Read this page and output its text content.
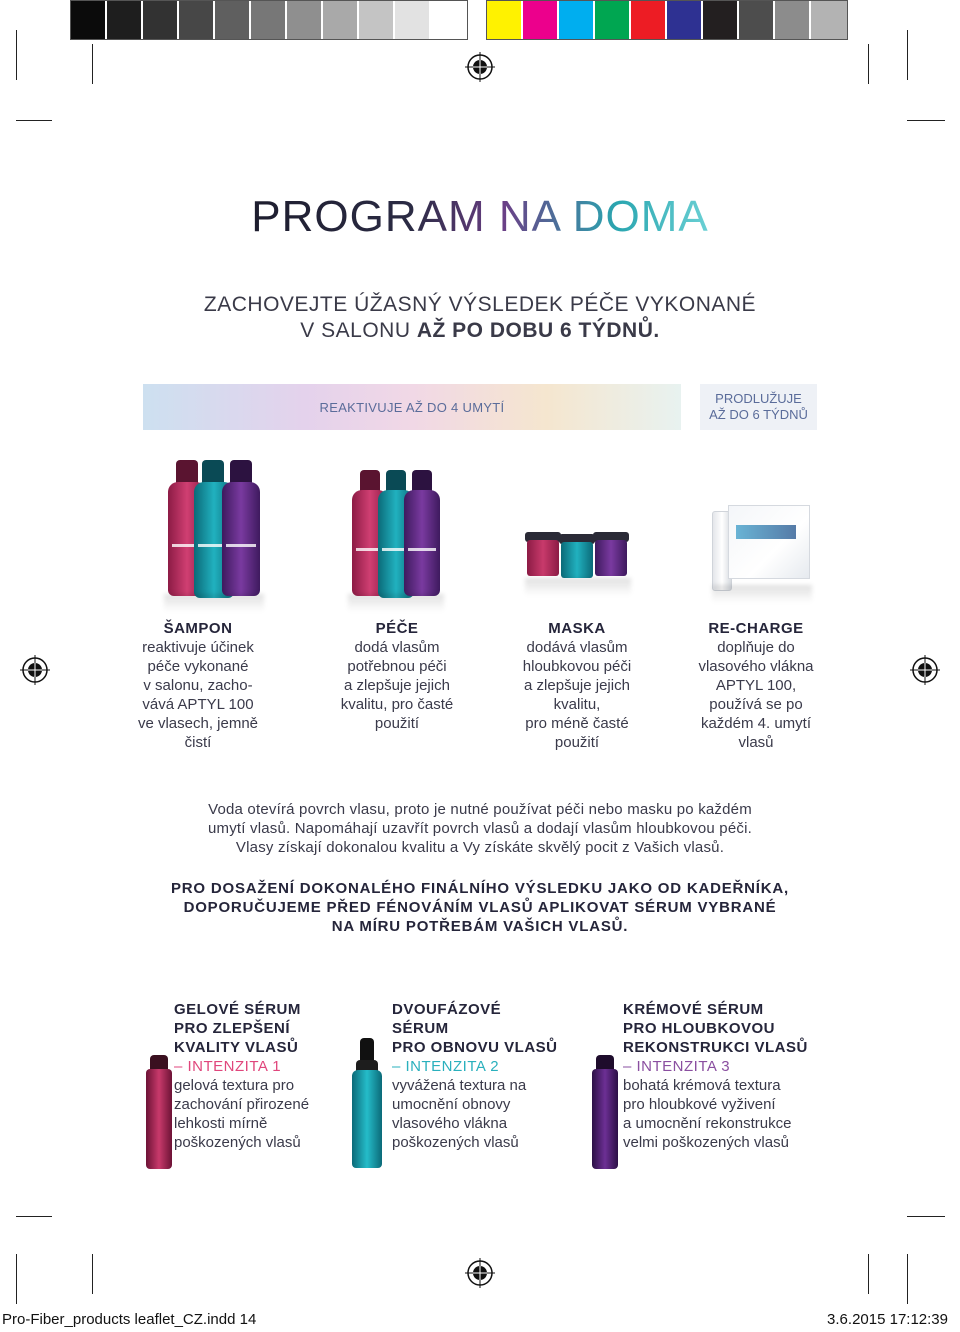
PROGRAM NA DOMA
ZACHOVEJTE ÚŽASNÝ VÝSLEDEK PÉČE VYKONANÉ
V SALONU AŽ PO DOBU 6 TÝDNŮ.
REAKTIVUJE AŽ DO 4 UMYTÍ
PRODLUŽUJE
AŽ DO 6 TÝDNŮ
ŠAMPON
reaktivuje účinek
péče vykonané
v salonu, zacho-
vává APTYL 100
ve vlasech, jemně
čistí
PÉČE
dodá vlasům
potřebnou péči
a zlepšuje jejich
kvalitu, pro časté
použití
MASKA
dodává vlasům
hloubkovou péči
a zlepšuje jejich
kvalitu,
pro méně časté
použití
RE-CHARGE
doplňuje do
vlasového vlákna
APTYL 100,
používá se po
každém 4. umytí
vlasů
Voda otevírá povrch vlasu, proto je nutné používat péči nebo masku po každém
umytí vlasů. Napomáhají uzavřít povrch vlasů a dodají vlasům hloubkovou péči.
Vlasy získají dokonalou kvalitu a Vy získáte skvělý pocit z Vašich vlasů.
PRO DOSAŽENÍ DOKONALÉHO FINÁLNÍHO VÝSLEDKU JAKO OD KADEŘNÍKA,
DOPORUČUJEME PŘED FÉNOVÁNÍM VLASŮ APLIKOVAT SÉRUM VYBRANÉ
NA MÍRU POTŘEBÁM VAŠICH VLASŮ.
GELOVÉ SÉRUM
PRO ZLEPŠENÍ
KVALITY VLASŮ
– INTENZITA 1
gelová textura pro
zachování přirozené
lehkosti mírně
poškozených vlasů
DVOUFÁZOVÉ
SÉRUM
PRO OBNOVU VLASŮ
– INTENZITA 2
vyvážená textura na
umocnění obnovy
vlasového vlákna
poškozených vlasů
KRÉMOVÉ SÉRUM
PRO HLOUBKOVOU
REKONSTRUKCI VLASŮ
– INTENZITA 3
bohatá krémová textura
pro hloubkové vyživení
a umocnění rekonstrukce
velmi poškozených vlasů
Pro-Fiber_products leaflet_CZ.indd 14	3.6.2015 17:12:39
